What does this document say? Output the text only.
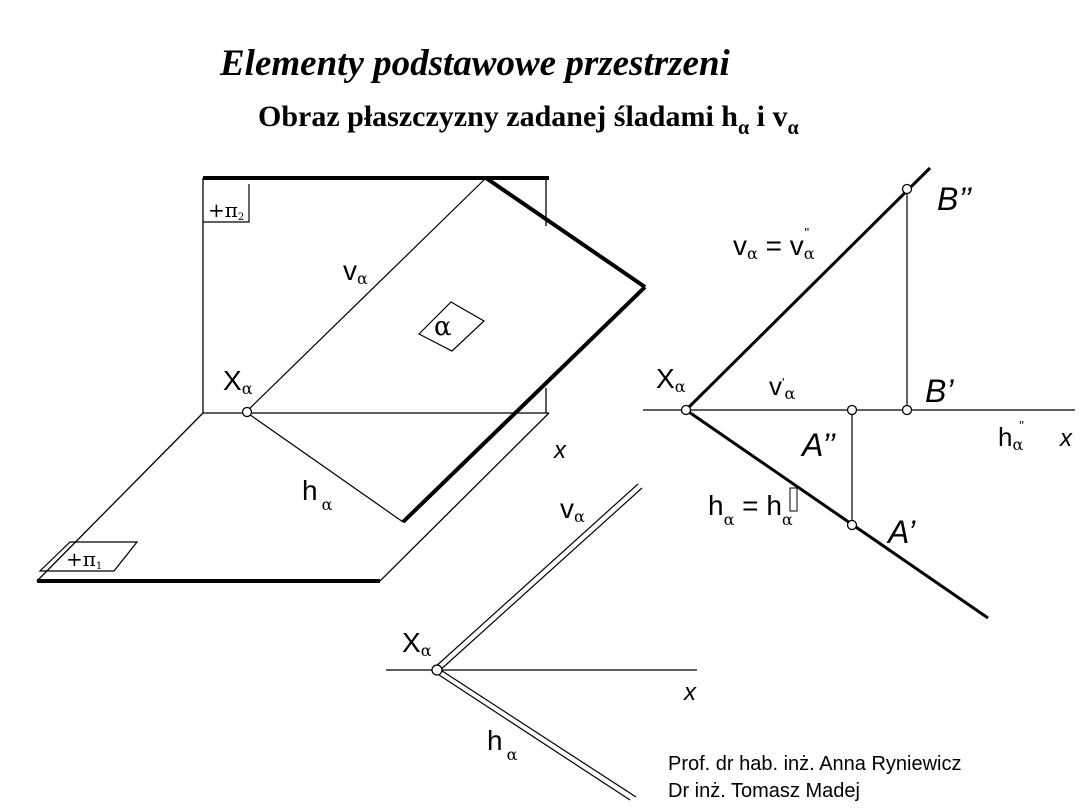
Elementy podstawowe przestrzeni
Obraz płaszczyzny zadanej śladami $h_\alpha$ i $v_\alpha$
+π2
+π1
α
vα
Xα
h $_\alpha$
x
Xα
vα
h $_\alpha$
x
Xα
vα = vα"
$v'_\alpha$
hα" x
$h_\alpha = h_\alpha$
B’’
B’
A’’
A’
Prof. dr hab. inż. Anna Ryniewicz
Dr inż. Tomasz Madej
